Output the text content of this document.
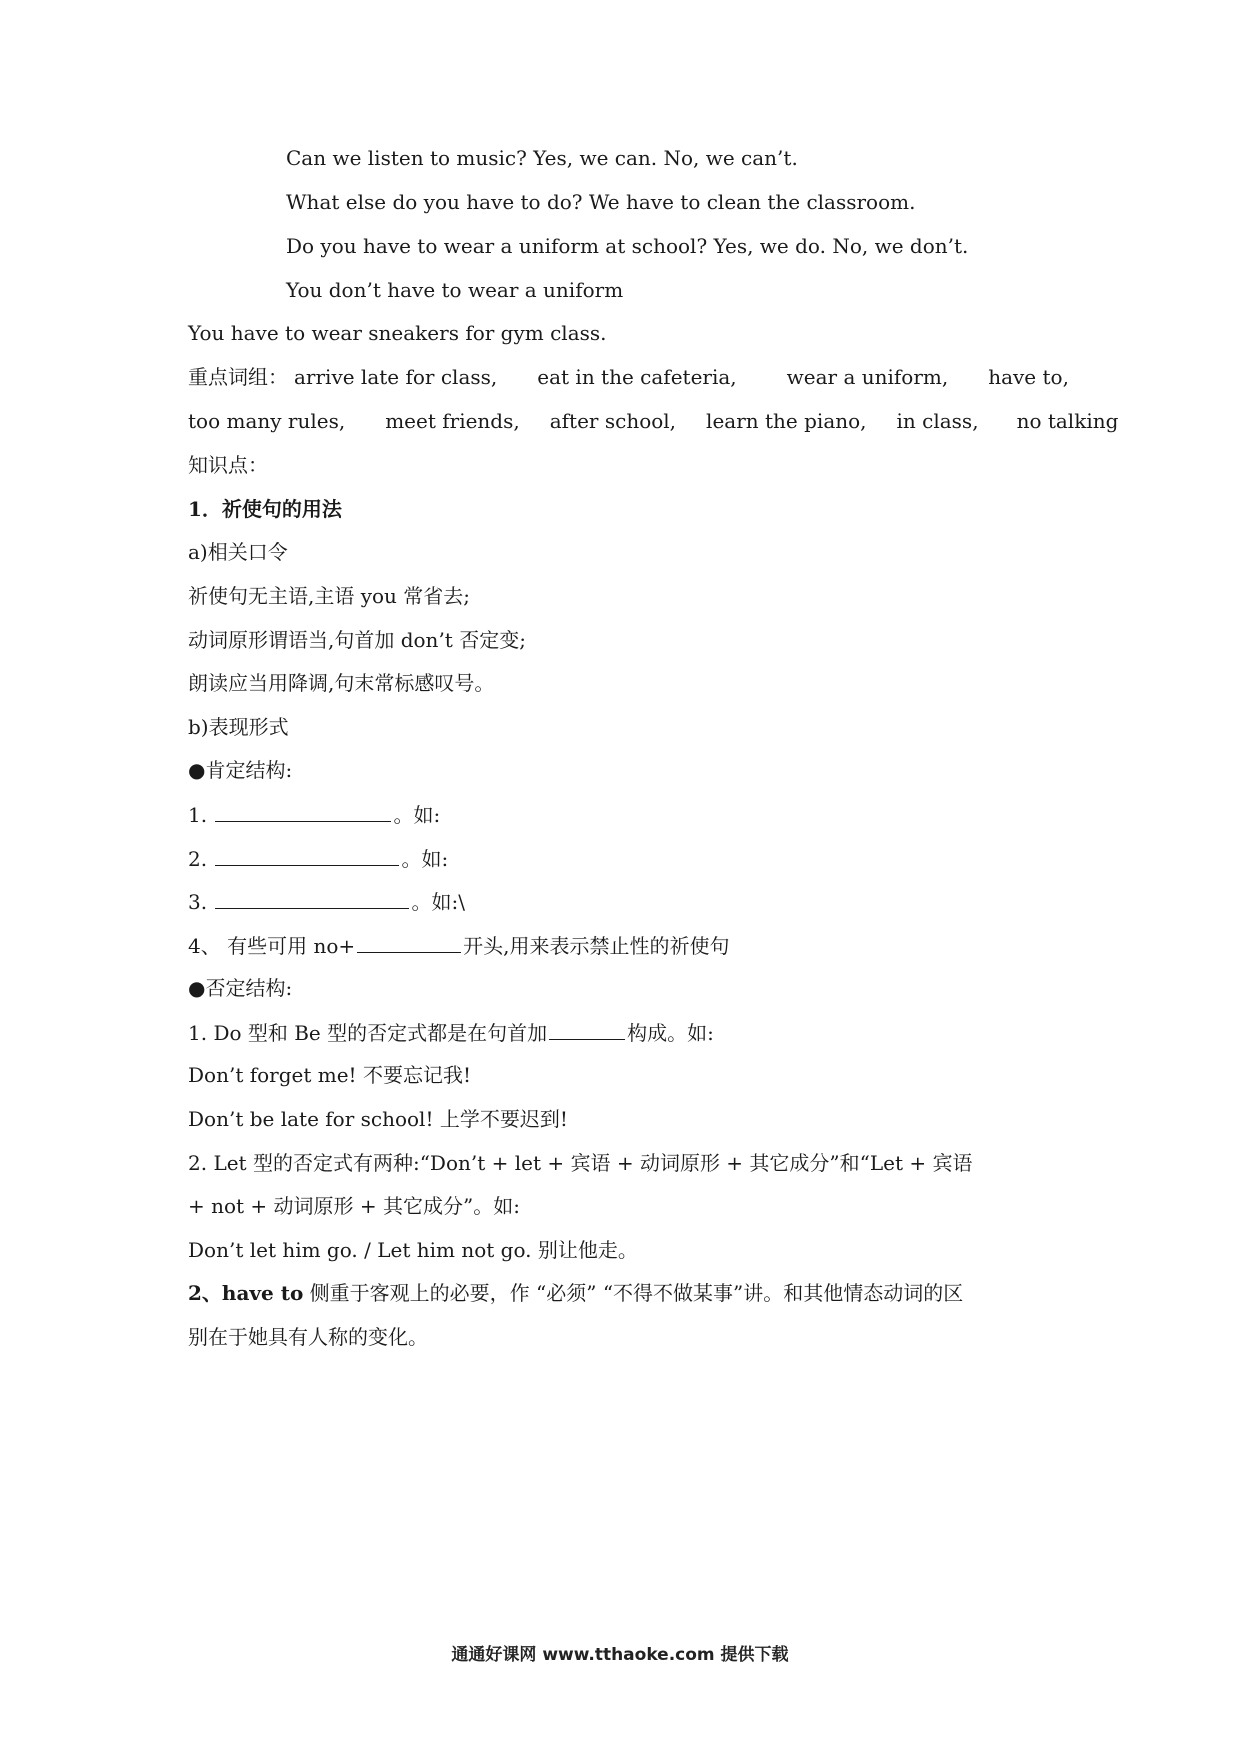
Can we listen to music? Yes, we can. No, we can’t.
What else do you have to do? We have to clean the classroom.
Do you have to wear a uniform at school? Yes, we do. No, we don’t.
You don’t have to wear a uniform
You have to wear sneakers for gym class.
重点词组： arrive late for class, eat in the cafeteria,	wear a uniform, have to,
too many rules, meet friends, after school, learn the piano, in class, no talking
知识点：
1．祈使句的用法
a)相关口令
祈使句无主语,主语 you 常省去;
动词原形谓语当,句首加 don’t 否定变;
朗读应当用降调,句末常标感叹号。
b)表现形式
●肯定结构:
1.	。如:
2.	。如:
3.	。如:\
4、 有些可用 no+	开头,用来表示禁止性的祈使句
●否定结构:
1. Do 型和 Be 型的否定式都是在句首加	构成。如:
Don’t forget me! 不要忘记我!
Don’t be late for school! 上学不要迟到!
2. Let 型的否定式有两种:“Don’t + let + 宾语 + 动词原形 + 其它成分”和“Let + 宾语
+ not + 动词原形 + 其它成分”。如:
Don’t let him go. / Let him not go. 别让他走。
2、have to 侧重于客观上的必要，作 “必须” “不得不做某事”讲。和其他情态动词的区
别在于她具有人称的变化。
通通好课网 www.tthaoke.com 提供下载
